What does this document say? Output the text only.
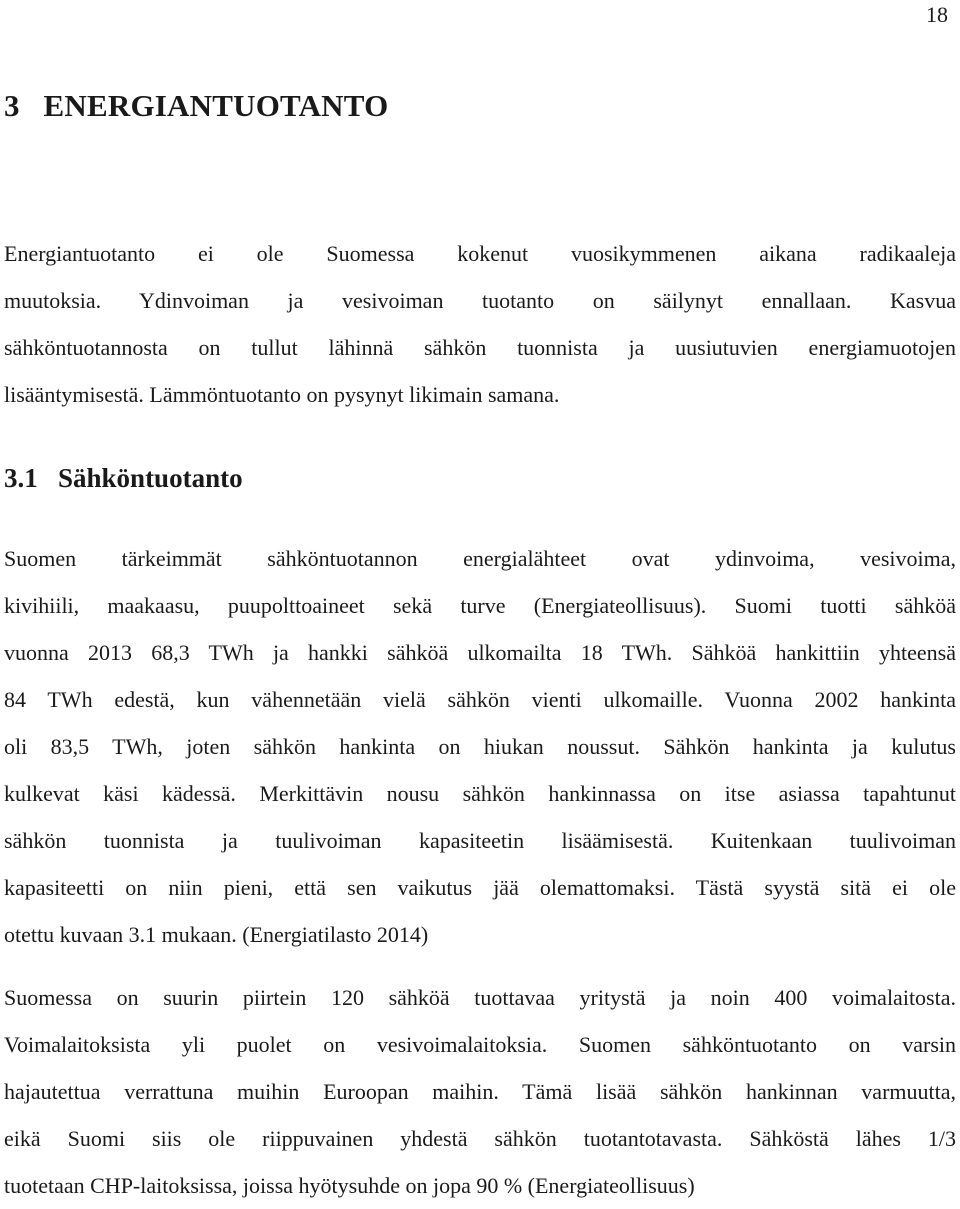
18
3   ENERGIANTUOTANTO
Energiantuotanto ei ole Suomessa kokenut vuosikymmenen aikana radikaaleja
muutoksia. Ydinvoiman ja vesivoiman tuotanto on säilynyt ennallaan. Kasvua
sähköntuotannosta on tullut lähinnä sähkön tuonnista ja uusiutuvien energiamuotojen
lisääntymisestä. Lämmöntuotanto on pysynyt likimain samana.
3.1   Sähköntuotanto
Suomen tärkeimmät sähköntuotannon energialähteet ovat ydinvoima, vesivoima,
kivihiili, maakaasu, puupolttoaineet sekä turve (Energiateollisuus). Suomi tuotti sähköä
vuonna 2013 68,3 TWh ja hankki sähköä ulkomailta 18 TWh. Sähköä hankittiin yhteensä
84 TWh edestä, kun vähennetään vielä sähkön vienti ulkomaille. Vuonna 2002 hankinta
oli 83,5 TWh, joten sähkön hankinta on hiukan noussut. Sähkön hankinta ja kulutus
kulkevat käsi kädessä. Merkittävin nousu sähkön hankinnassa on itse asiassa tapahtunut
sähkön tuonnista ja tuulivoiman kapasiteetin lisäämisestä. Kuitenkaan tuulivoiman
kapasiteetti on niin pieni, että sen vaikutus jää olemattomaksi. Tästä syystä sitä ei ole
otettu kuvaan 3.1 mukaan. (Energiatilasto 2014)
Suomessa on suurin piirtein 120 sähköä tuottavaa yritystä ja noin 400 voimalaitosta.
Voimalaitoksista yli puolet on vesivoimalaitoksia. Suomen sähköntuotanto on varsin
hajautettua verrattuna muihin Euroopan maihin. Tämä lisää sähkön hankinnan varmuutta,
eikä Suomi siis ole riippuvainen yhdestä sähkön tuotantotavasta. Sähköstä lähes 1/3
tuotetaan CHP-laitoksissa, joissa hyötysuhde on jopa 90 % (Energiateollisuus)
